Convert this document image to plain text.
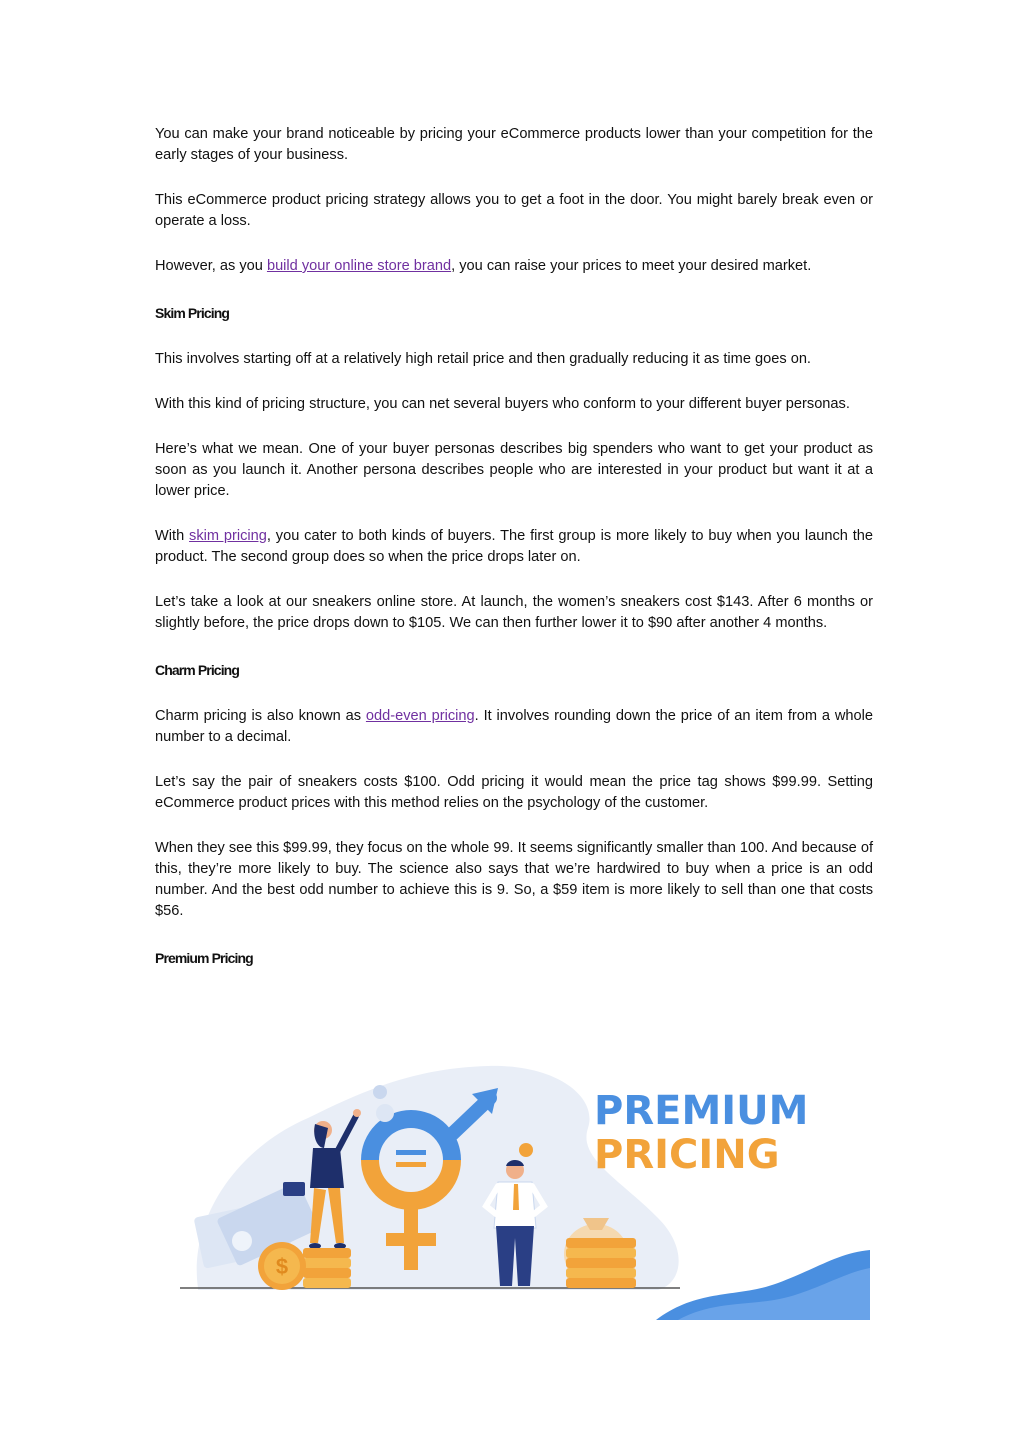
You can make your brand noticeable by pricing your eCommerce products lower than your competition for the early stages of your business.

This eCommerce product pricing strategy allows you to get a foot in the door. You might barely break even or operate a loss.

However, as you build your online store brand, you can raise your prices to meet your desired market.

Skim Pricing

This involves starting off at a relatively high retail price and then gradually reducing it as time goes on.

With this kind of pricing structure, you can net several buyers who conform to your different buyer personas.

Here’s what we mean. One of your buyer personas describes big spenders who want to get your product as soon as you launch it. Another persona describes people who are interested in your product but want it at a lower price.

With skim pricing, you cater to both kinds of buyers. The first group is more likely to buy when you launch the product. The second group does so when the price drops later on.

Let’s take a look at our sneakers online store. At launch, the women’s sneakers cost $143. After 6 months or slightly before, the price drops down to $105. We can then further lower it to $90 after another 4 months.

Charm Pricing

Charm pricing is also known as odd-even pricing. It involves rounding down the price of an item from a whole number to a decimal.

Let’s say the pair of sneakers costs $100. Odd pricing it would mean the price tag shows $99.99. Setting eCommerce product prices with this method relies on the psychology of the customer.

When they see this $99.99, they focus on the whole 99. It seems significantly smaller than 100. And because of this, they’re more likely to buy. The science also says that we’re hardwired to buy when a price is an odd number. And the best odd number to achieve this is 9. So, a $59 item is more likely to sell than one that costs $56.

Premium Pricing
$
PREMIUM
PRICING
